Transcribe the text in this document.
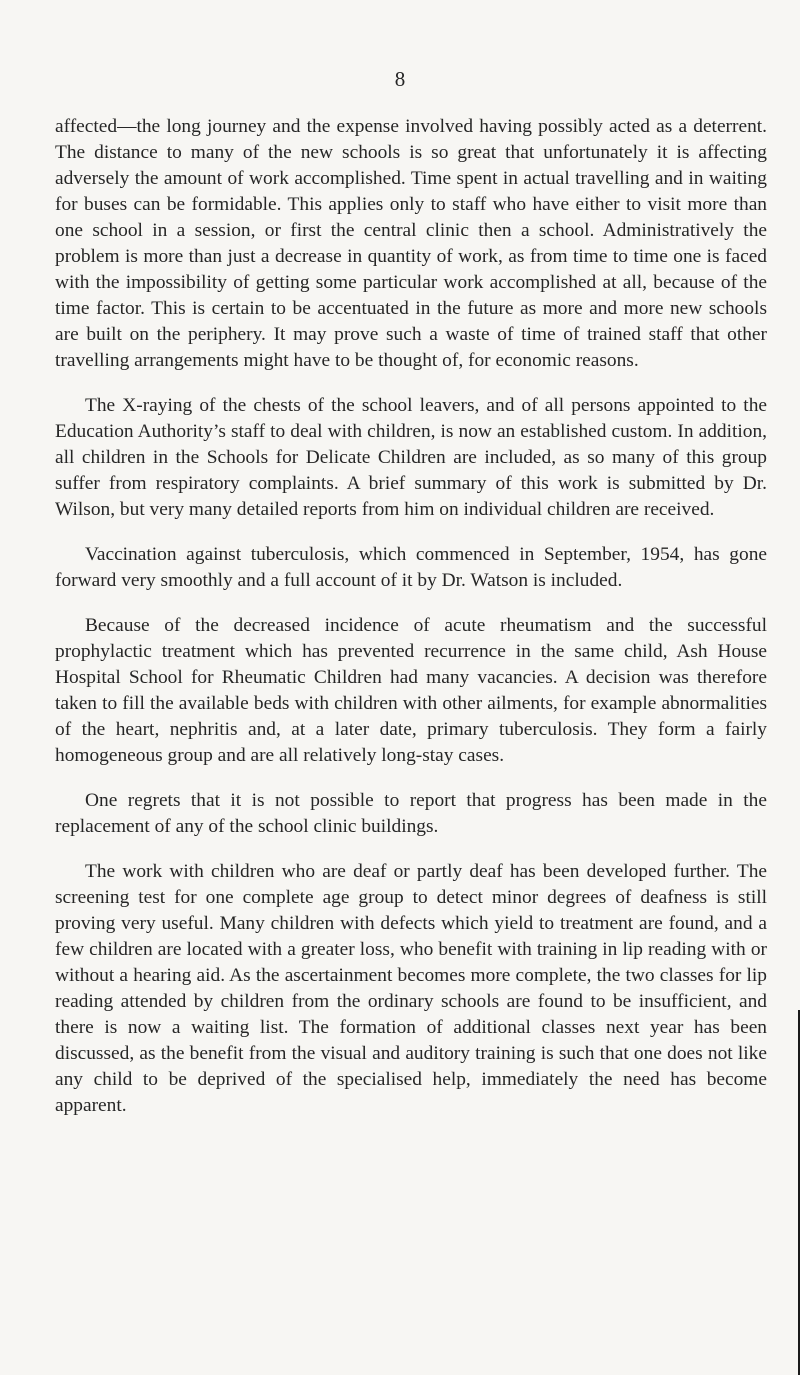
8

affected—the long journey and the expense involved having possibly acted as a deterrent. The distance to many of the new schools is so great that unfortunately it is affecting adversely the amount of work accomplished. Time spent in actual travelling and in waiting for buses can be formidable. This applies only to staff who have either to visit more than one school in a session, or first the central clinic then a school. Administratively the problem is more than just a decrease in quantity of work, as from time to time one is faced with the impossibility of getting some particular work accomplished at all, because of the time factor. This is certain to be accentuated in the future as more and more new schools are built on the periphery. It may prove such a waste of time of trained staff that other travelling arrangements might have to be thought of, for economic reasons.

The X-raying of the chests of the school leavers, and of all persons appointed to the Education Authority’s staff to deal with children, is now an established custom. In addition, all children in the Schools for Delicate Children are included, as so many of this group suffer from respiratory complaints. A brief summary of this work is submitted by Dr. Wilson, but very many detailed reports from him on individual children are received.

Vaccination against tuberculosis, which commenced in September, 1954, has gone forward very smoothly and a full account of it by Dr. Watson is included.

Because of the decreased incidence of acute rheumatism and the successful prophylactic treatment which has prevented recurrence in the same child, Ash House Hospital School for Rheumatic Children had many vacancies. A decision was therefore taken to fill the available beds with children with other ailments, for example abnormalities of the heart, nephritis and, at a later date, primary tuberculosis. They form a fairly homogeneous group and are all relatively long-stay cases.

One regrets that it is not possible to report that progress has been made in the replacement of any of the school clinic buildings.

The work with children who are deaf or partly deaf has been developed further. The screening test for one complete age group to detect minor degrees of deafness is still proving very useful. Many children with defects which yield to treatment are found, and a few children are located with a greater loss, who benefit with training in lip reading with or without a hearing aid. As the ascertainment becomes more complete, the two classes for lip reading attended by children from the ordinary schools are found to be insufficient, and there is now a waiting list. The formation of additional classes next year has been discussed, as the benefit from the visual and auditory training is such that one does not like any child to be deprived of the specialised help, immediately the need has become apparent.
